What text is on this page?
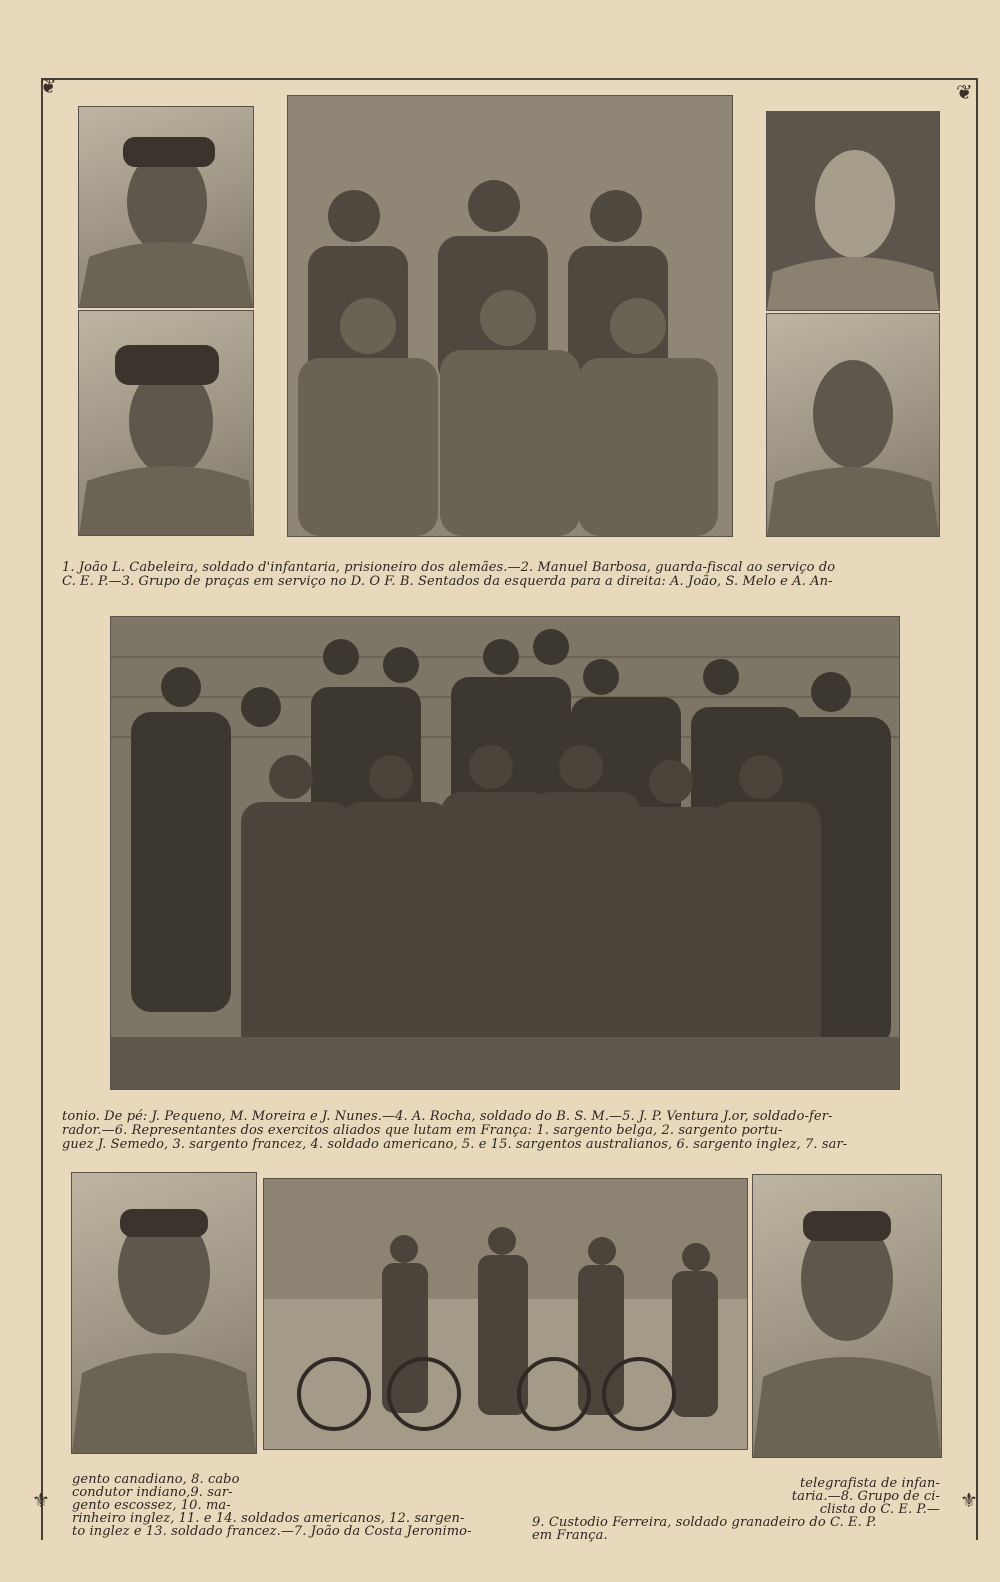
❦	❦
⚜	⚜

1. João L. Cabeleira, soldado d'infantaria, prisioneiro dos alemães.—2. Manuel Barbosa, guarda-fiscal ao serviço do

C. E. P.—3. Grupo de praças em serviço no D. O F. B. Sentados da esquerda para a direita: A. João, S. Melo e A. An-

tonio. De pé: J. Pequeno, M. Moreira e J. Nunes.—4. A. Rocha, soldado do B. S. M.—5. J. P. Ventura J.or, soldado-fer-

rador.—6. Representantes dos exercitos aliados que lutam em França: 1. sargento belga, 2. sargento portu-

guez J. Semedo, 3. sargento francez, 4. soldado americano, 5. e 15. sargentos australianos, 6. sargento inglez, 7. sar-

gento canadiano, 8. cabo

condutor indiano,9. sar-

gento escossez, 10. ma-

rinheiro inglez, 11. e 14. soldados americanos, 12. sargen-

to inglez e 13. soldado francez.—7. João da Costa Jeronimo-

telegrafista de infan-

taria.—8. Grupo de ci-

clista do C. E. P.—

9. Custodio Ferreira, soldado granadeiro do C. E. P.

em França.
